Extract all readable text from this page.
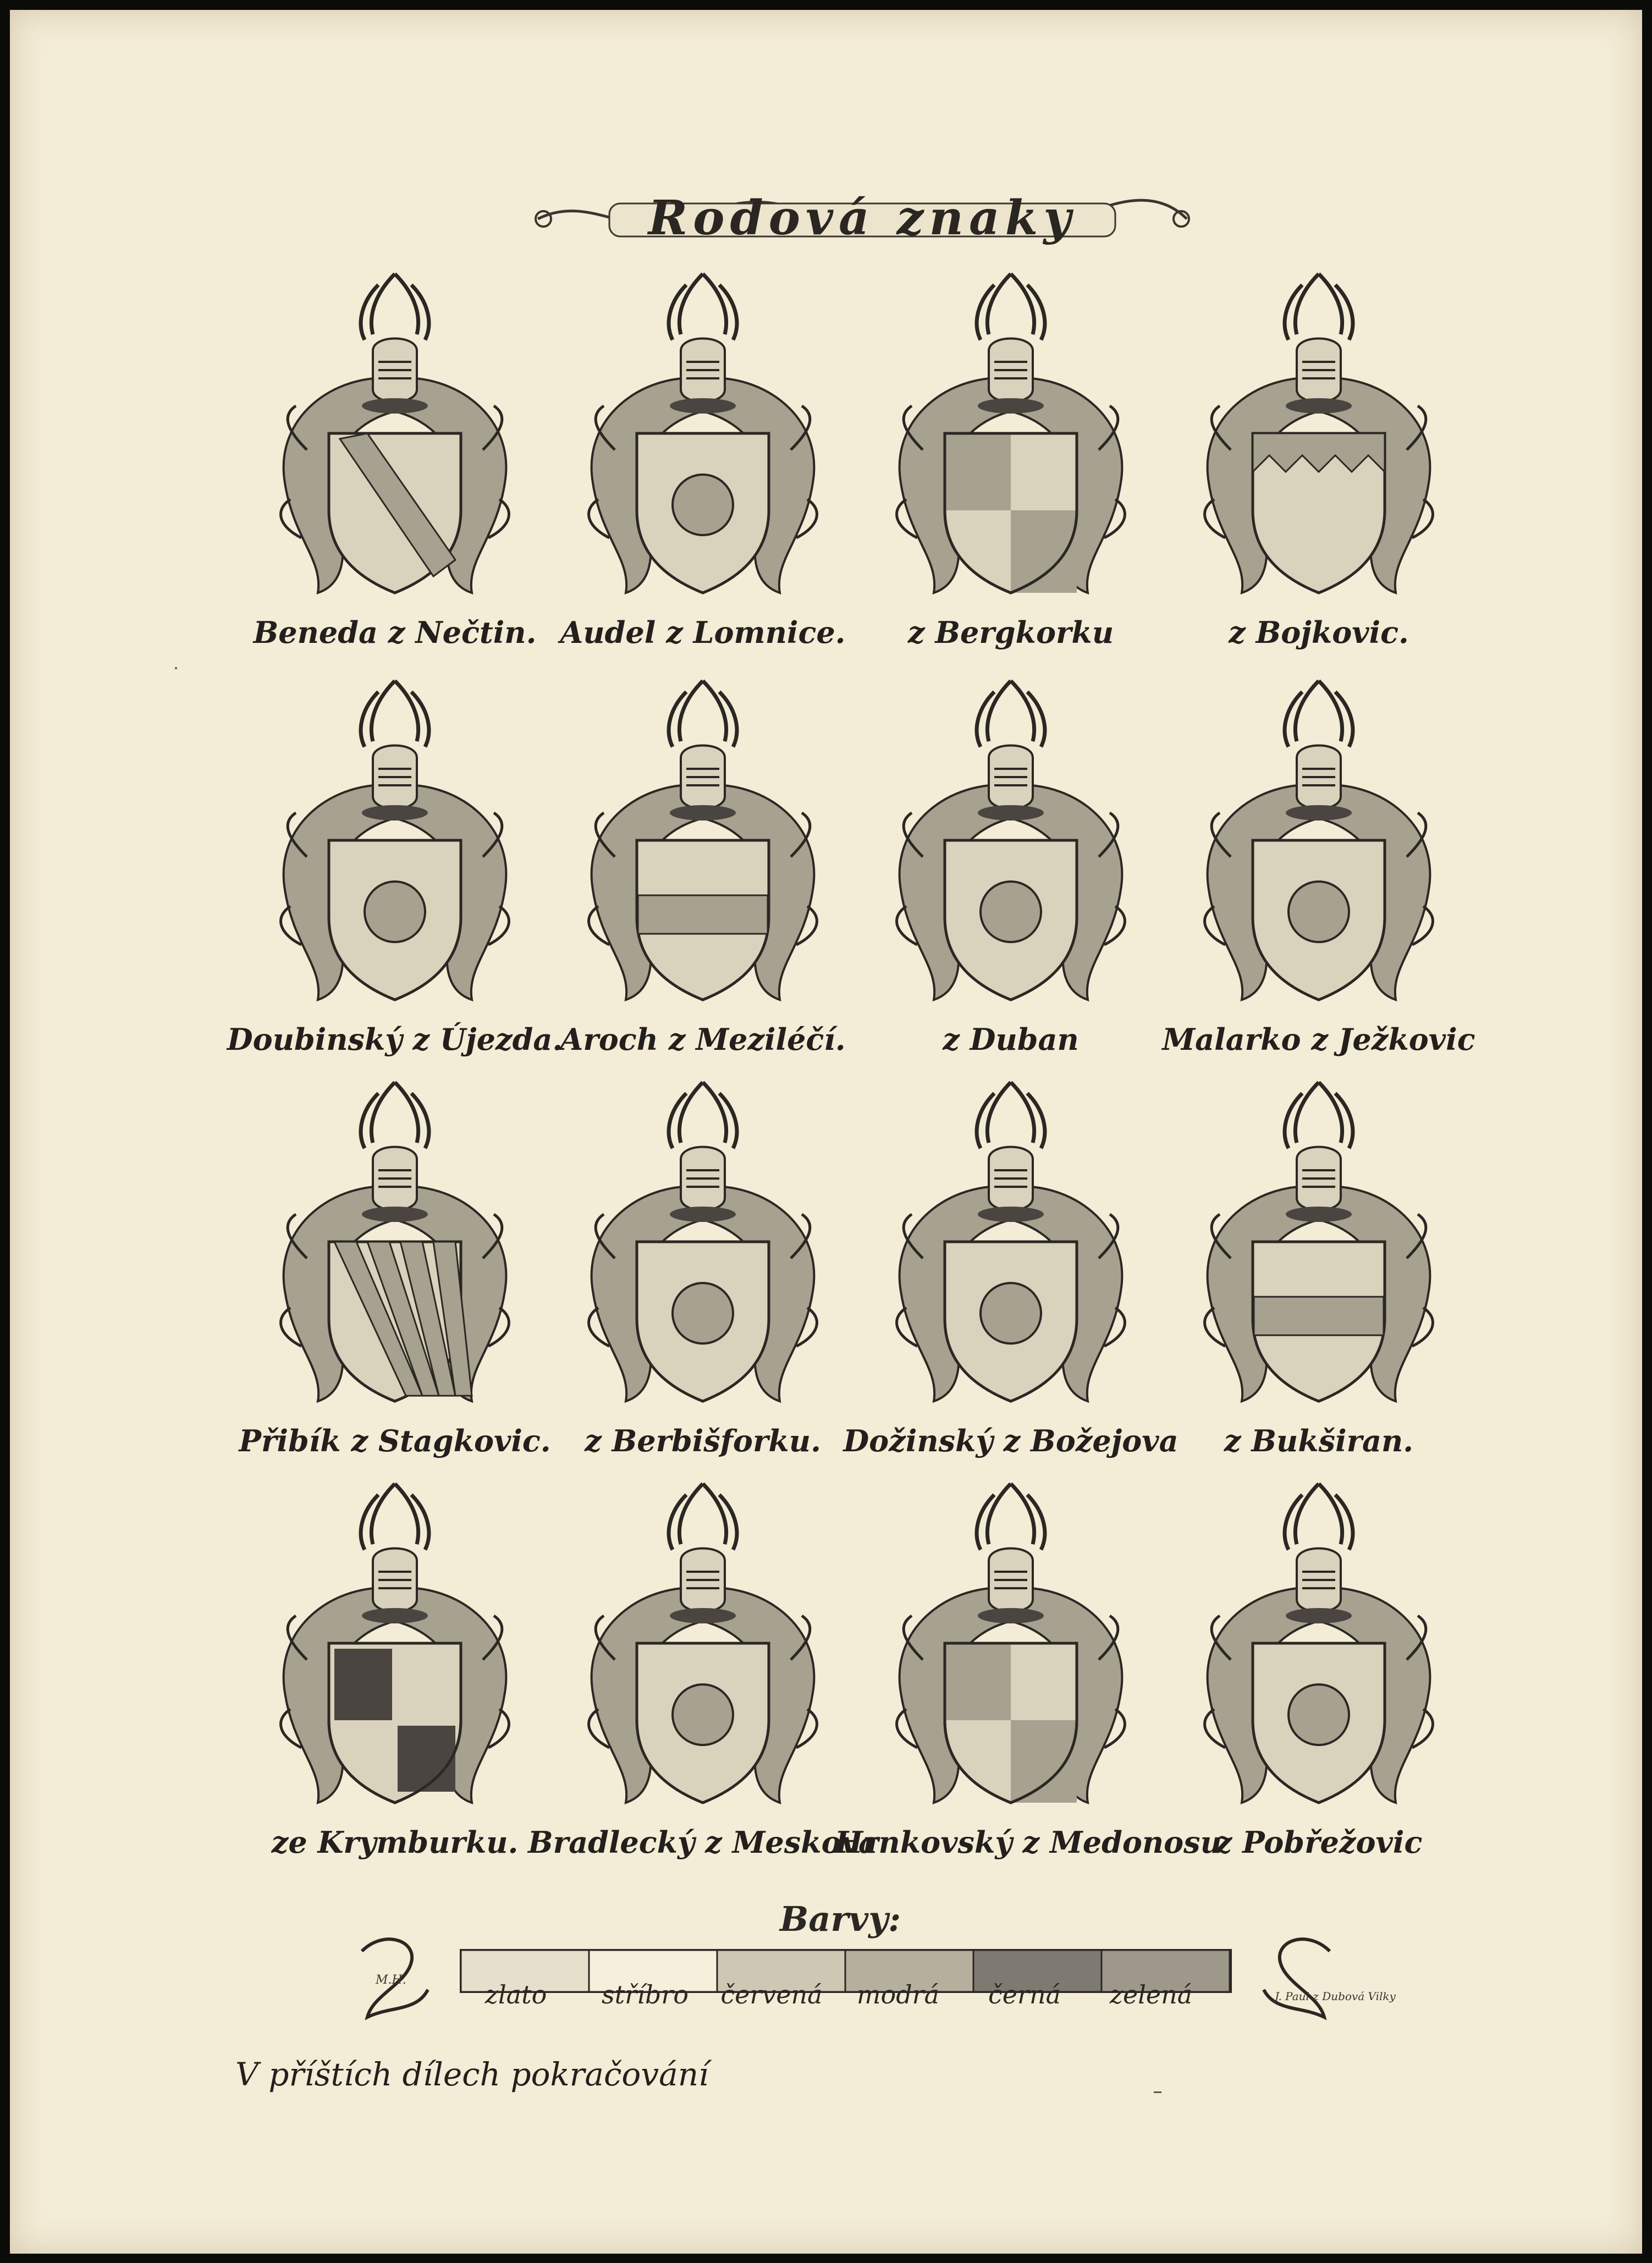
Rodová znaky
Beneda z Nečtin. Audel z Lomnice.	z Bergkorku	z Bojkovic.
Doubinský z Újezda.
Aroch z Meziléčí.	z Duban	Malarko z Ježkovic
Přibík z Stagkovic.	z Berbišforku. Dožinský z Božejova	z Bukširan.
ze Krymburku. Bradlecký z Meskova
Hrnkovský z Medonosu
z Pobřežovic
Barvy:
zlato	stříbro	červená	modrá	černá	zelená
M.H.
J. Paul z Dubová Vilky
V příštích dílech pokračování
